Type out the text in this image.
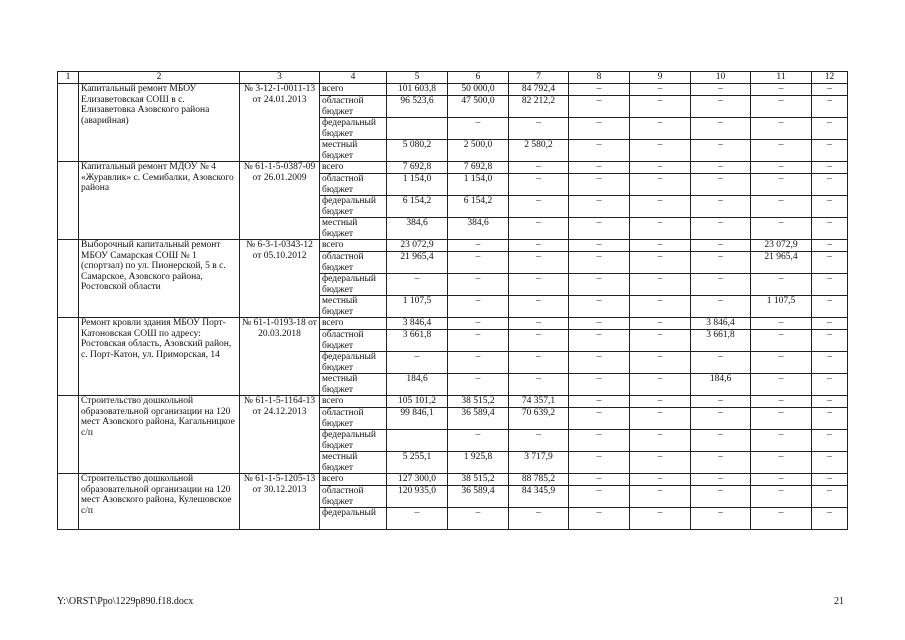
1	2	3	4	5	6	7	8	9	10	11	12
	Капитальный ремонт МБОУ Елизаветовская СОШ в с. Елизаветовка Азовского района (аварийная)	№ 3-12-1-0011-13 от 24.01.2013	всего	101 603,8	50 000,0	84 792,4	–	–	–	–	–
			областной бюджет	96 523,6	47 500,0	82 212,2	–	–	–	–	–
			федеральный бюджет		–	–	–	–	–	–	–
			местный бюджет	5 080,2	2 500,0	2 580,2	–	–	–	–	–
	Капитальный ремонт МДОУ № 4 «Журавлик» с. Семибалки, Азовского района	№ 61-1-5-0387-09 от 26.01.2009	всего	7 692,8	7 692,8	–	–	–	–	–	–
			областной бюджет	1 154,0	1 154,0	–	–	–	–	–	–
			федеральный бюджет	6 154,2	6 154,2	–	–	–	–	–	–
			местный бюджет	384,6	384,6	–	–	–	–	–	–
	Выборочный капитальный ремонт МБОУ Самарская СОШ № 1 (спортзал) по ул. Пионерской, 5 в с. Самарское, Азовского района, Ростовской области	№ 6-3-1-0343-12 от 05.10.2012	всего	23 072,9	–	–	–	–	–	23 072,9	–
			областной бюджет	21 965,4	–	–	–	–	–	21 965,4	–
			федеральный бюджет	–	–	–	–	–	–	–	–
			местный бюджет	1 107,5	–	–	–	–	–	1 107,5	–
	Ремонт кровли здания МБОУ Порт-Катоновская СОШ по адресу: Ростовская область, Азовский район, с. Порт-Катон, ул. Приморская, 14	№ 61-1-0193-18 от 20.03.2018	всего	3 846,4	–	–	–	–	3 846,4	–	–
			областной бюджет	3 661,8	–	–	–	–	3 661,8	–	–
			федеральный бюджет	–	–	–	–	–	–	–	–
			местный бюджет	184,6	–	–	–	–	184,6	–	–
	Строительство дошкольной образовательной организации на 120 мест Азовского района, Кагальницкое с/п	№ 61-1-5-1164-13 от 24.12.2013	всего	105 101,2	38 515,2	74 357,1	–	–	–	–	–
			областной бюджет	99 846,1	36 589,4	70 639,2	–	–	–	–	–
			федеральный бюджет		–	–	–	–	–	–	–
			местный бюджет	5 255,1	1 925,8	3 717,9	–	–	–	–	–
	Строительство дошкольной образовательной организации на 120 мест Азовского района, Кулешовское с/п	№ 61-1-5-1205-13 от 30.12.2013	всего	127 300,0	38 515,2	88 785,2	–	–	–	–	–
			областной бюджет	120 935,0	36 589,4	84 345,9	–	–	–	–	–
			федеральный	–	–	–	–	–	–	–	–
Y:\ORST\Ppo\1229p890.f18.docx	21
